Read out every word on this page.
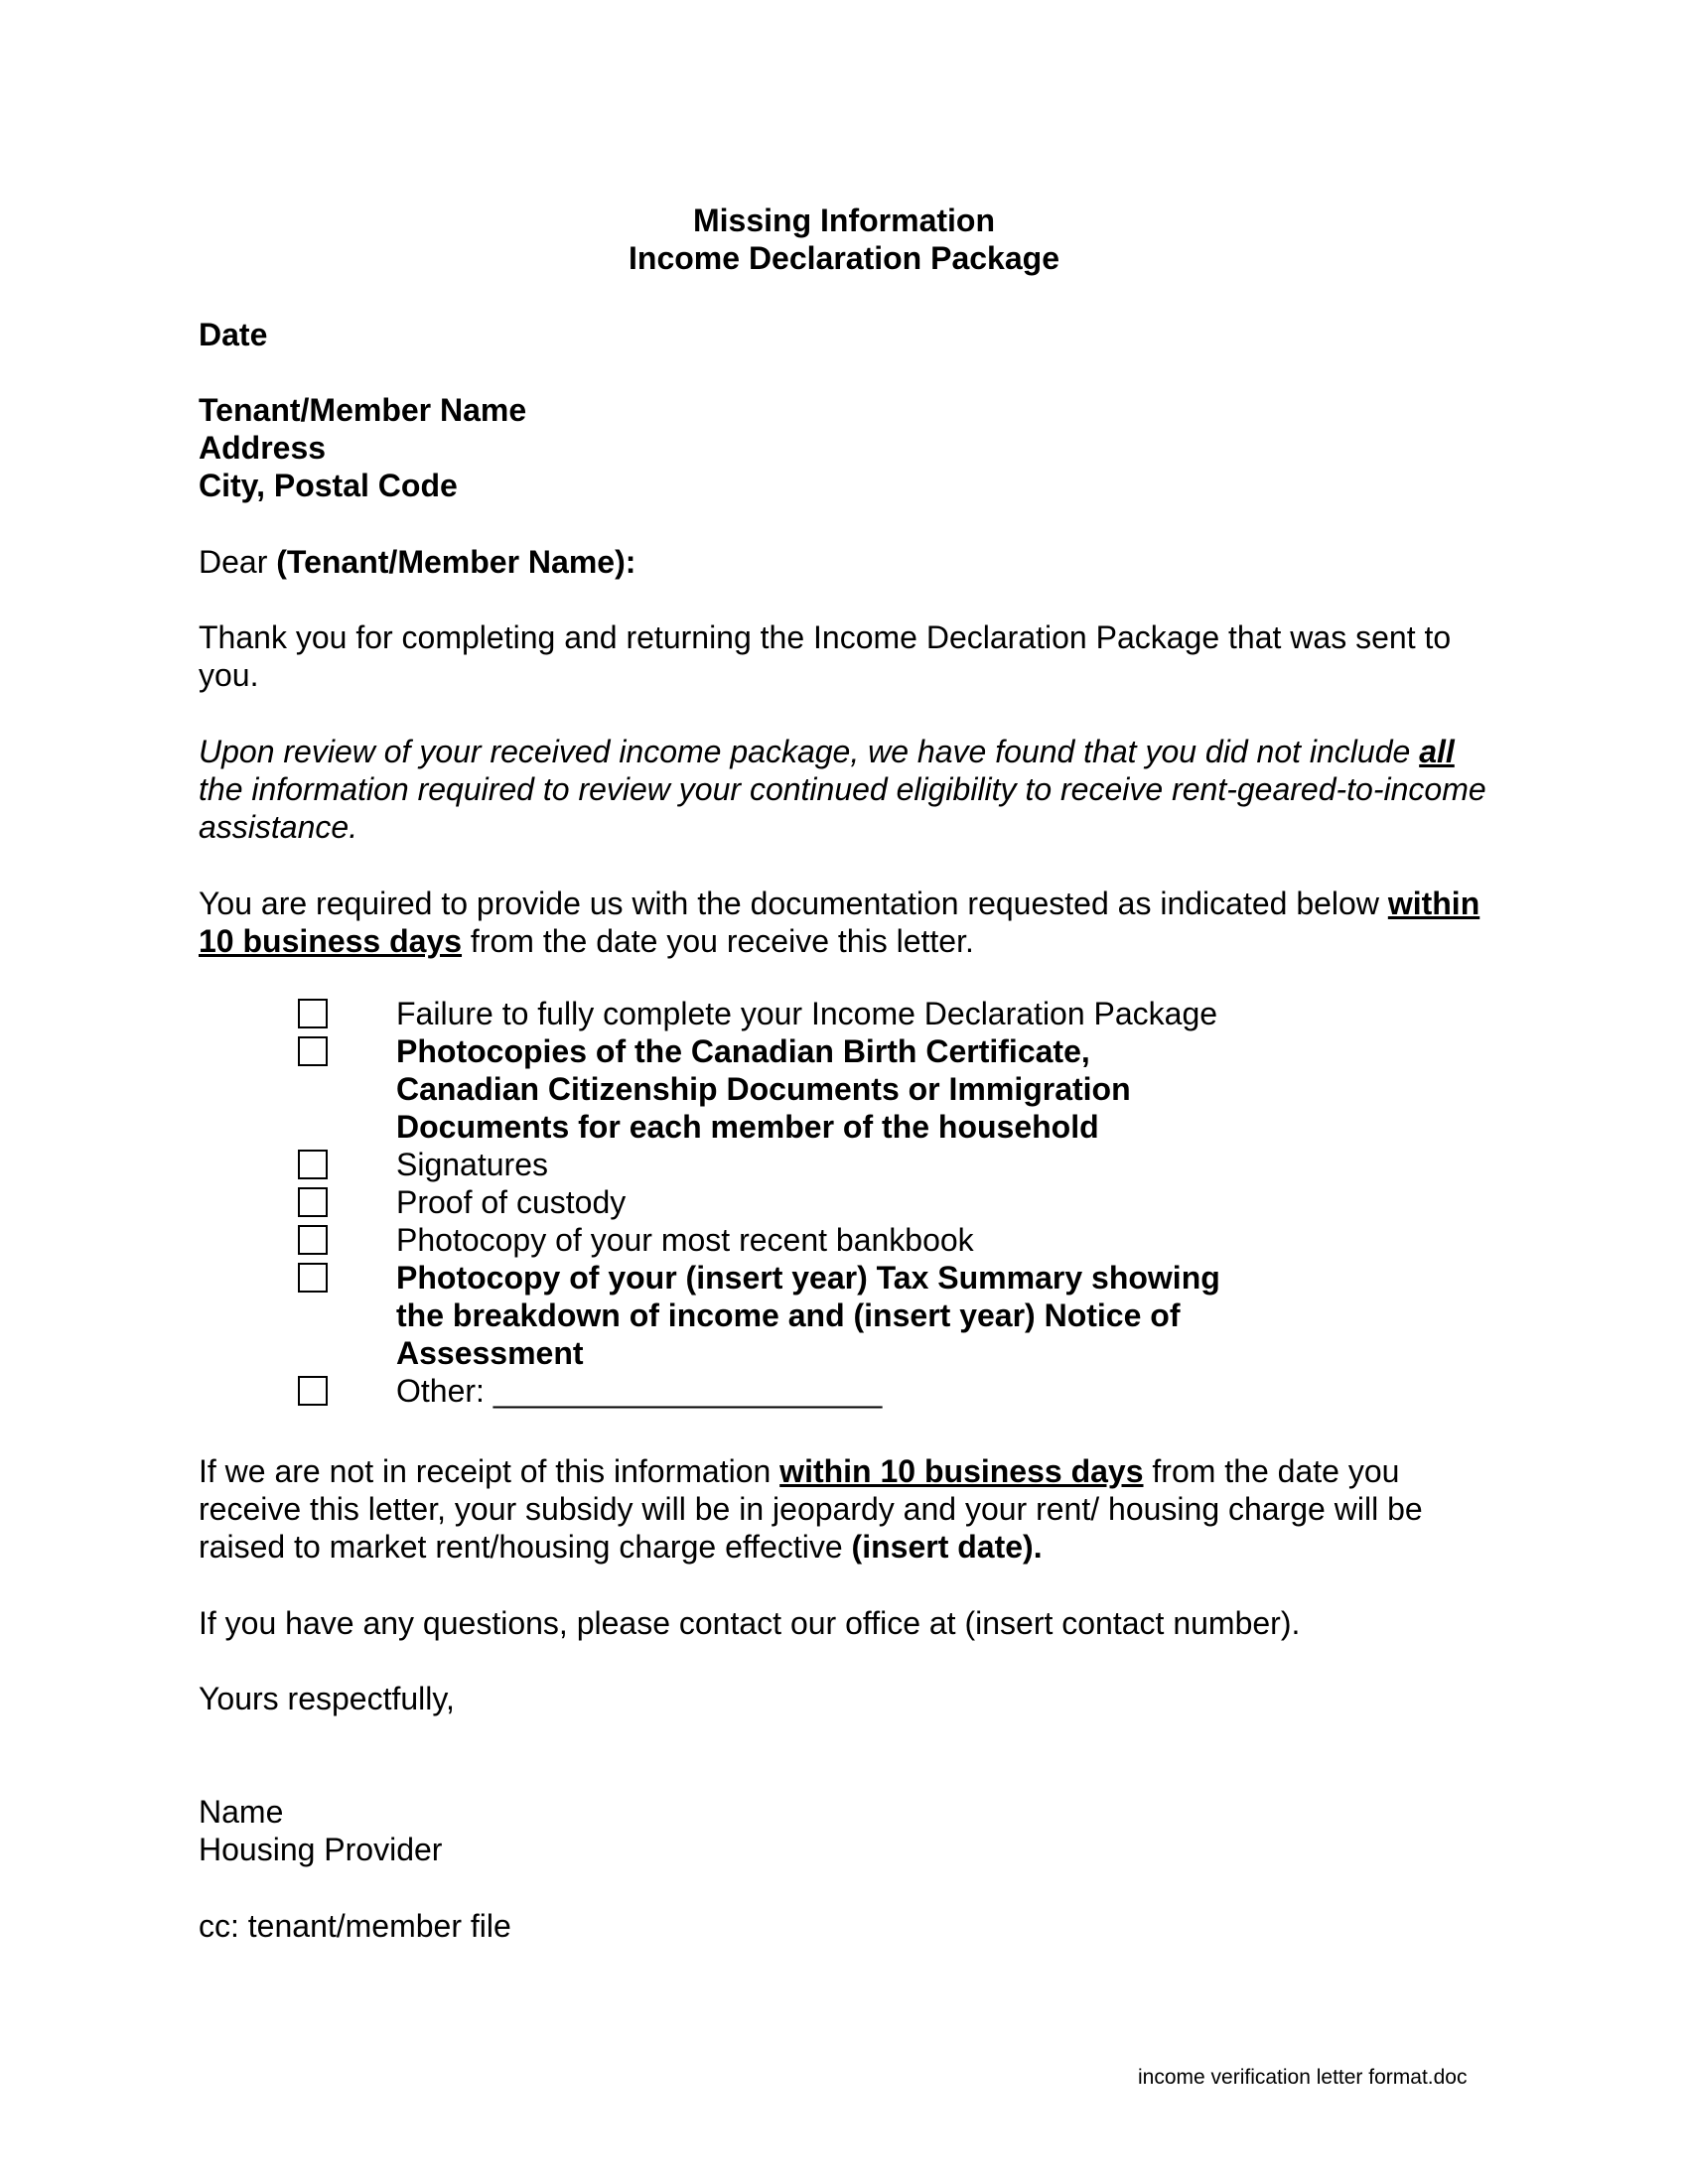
Missing Information
Income Declaration Package
Date
Tenant/Member Name
Address
City, Postal Code
Dear (Tenant/Member Name):
Thank you for completing and returning the Income Declaration Package that was sent to you.
Upon review of your received income package, we have found that you did not include all the information required to review your continued eligibility to receive rent-geared-to-income assistance.
You are required to provide us with the documentation requested as indicated below within 10 business days from the date you receive this letter.
Failure to fully complete your Income Declaration Package
Photocopies of the Canadian Birth Certificate, Canadian Citizenship Documents or Immigration Documents for each member of the household
Signatures
Proof of custody
Photocopy of your most recent bankbook
Photocopy of your (insert year) Tax Summary showing the breakdown of income and (insert year) Notice of Assessment
Other: ______________________
If we are not in receipt of this information within 10 business days from the date you receive this letter, your subsidy will be in jeopardy and your rent/ housing charge will be raised to market rent/housing charge effective (insert date).
If you have any questions, please contact our office at (insert contact number).
Yours respectfully,
Name
Housing Provider
cc: tenant/member file
income verification letter format.doc
